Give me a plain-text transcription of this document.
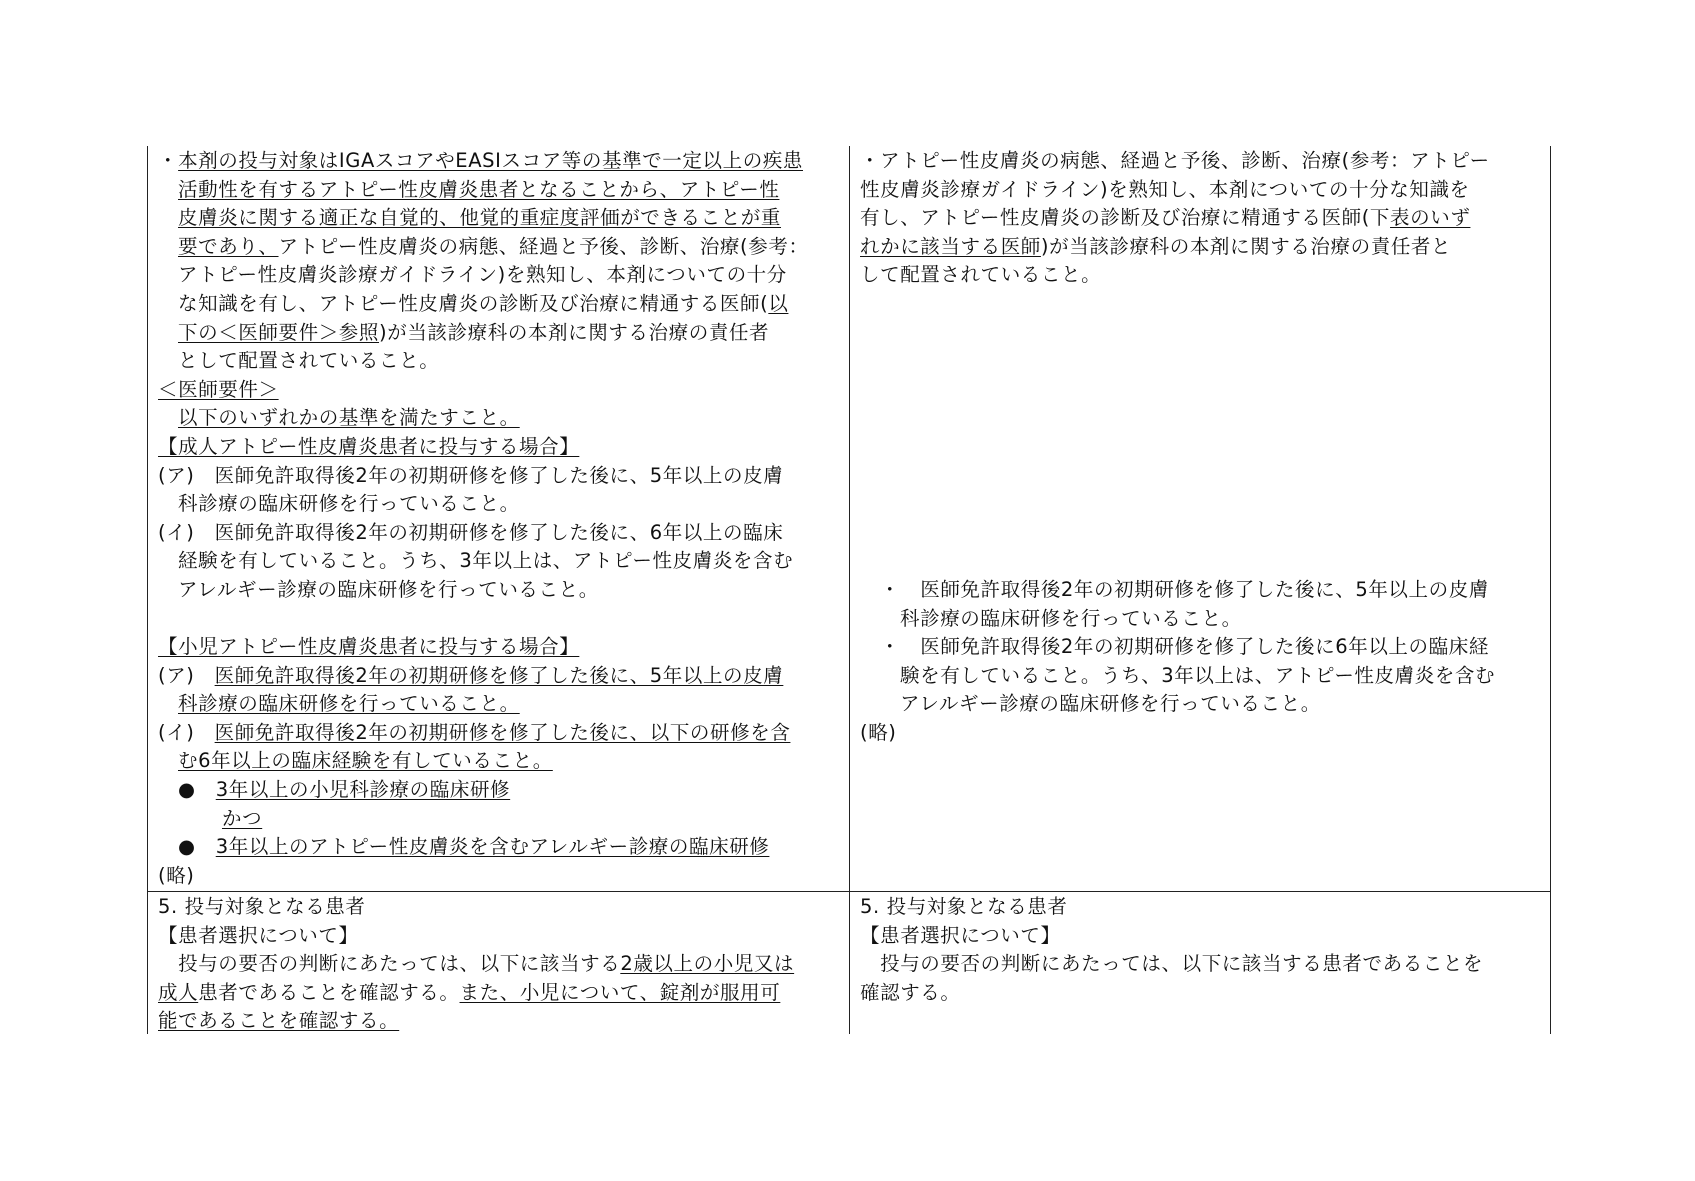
・本剤の投与対象はIGAスコアやEASIスコア等の基準で一定以上の疾患

活動性を有するアトピー性皮膚炎患者となることから、アトピー性

皮膚炎に関する適正な自覚的、他覚的重症度評価ができることが重

要であり、アトピー性皮膚炎の病態、経過と予後、診断、治療(参考：

アトピー性皮膚炎診療ガイドライン)を熟知し、本剤についての十分

な知識を有し、アトピー性皮膚炎の診断及び治療に精通する医師(以

下の＜医師要件＞参照)が当該診療科の本剤に関する治療の責任者

として配置されていること。

＜医師要件＞

以下のいずれかの基準を満たすこと。

【成人アトピー性皮膚炎患者に投与する場合】

(ア)　医師免許取得後2年の初期研修を修了した後に、5年以上の皮膚

科診療の臨床研修を行っていること。

(イ)　医師免許取得後2年の初期研修を修了した後に、6年以上の臨床

経験を有していること。うち、3年以上は、アトピー性皮膚炎を含む

アレルギー診療の臨床研修を行っていること。

【小児アトピー性皮膚炎患者に投与する場合】

(ア)　医師免許取得後2年の初期研修を修了した後に、5年以上の皮膚

科診療の臨床研修を行っていること。

(イ)　医師免許取得後2年の初期研修を修了した後に、以下の研修を含

む6年以上の臨床経験を有していること。

●　 3年以上の小児科診療の臨床研修

かつ

●　 3年以上のアトピー性皮膚炎を含むアレルギー診療の臨床研修

(略)

・アトピー性皮膚炎の病態、経過と予後、診断、治療(参考：アトピー

性皮膚炎診療ガイドライン)を熟知し、本剤についての十分な知識を

有し、アトピー性皮膚炎の診断及び治療に精通する医師(下表のいず

れかに該当する医師)が当該診療科の本剤に関する治療の責任者と

して配置されていること。

・　 医師免許取得後2年の初期研修を修了した後に、5年以上の皮膚

科診療の臨床研修を行っていること。

・　 医師免許取得後2年の初期研修を修了した後に6年以上の臨床経

験を有していること。うち、3年以上は、アトピー性皮膚炎を含む

アレルギー診療の臨床研修を行っていること。

(略)

5. 投与対象となる患者

【患者選択について】

　投与の要否の判断にあたっては、以下に該当する2歳以上の小児又は

成人患者であることを確認する。また、小児について、錠剤が服用可

能であることを確認する。

5. 投与対象となる患者

【患者選択について】

　投与の要否の判断にあたっては、以下に該当する患者であることを

確認する。
